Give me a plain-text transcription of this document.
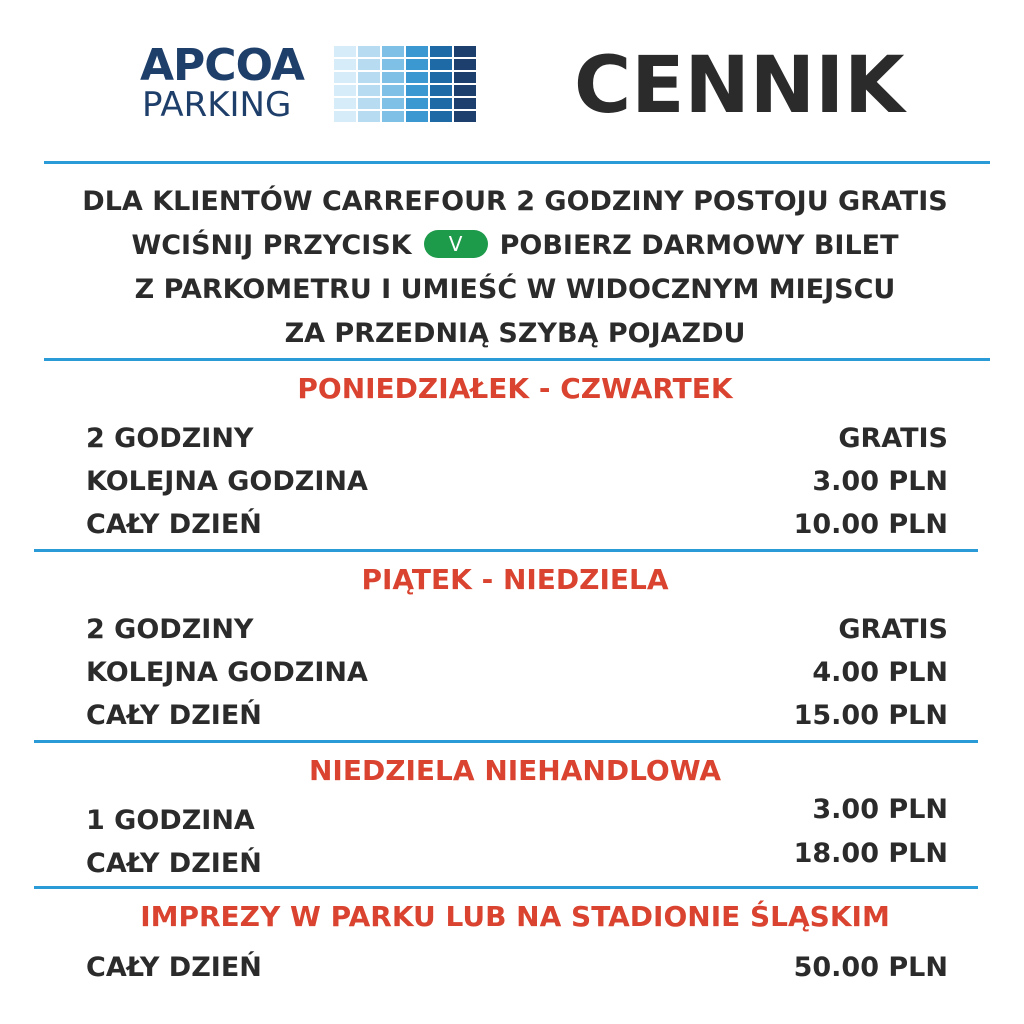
APCOA
PARKING	CENNIK
DLA KLIENTÓW CARREFOUR 2 GODZINY POSTOJU GRATIS
WCIŚNIJ PRZYCISK V POBIERZ DARMOWY BILET
Z PARKOMETRU I UMIEŚĆ W WIDOCZNYM MIEJSCU
ZA PRZEDNIĄ SZYBĄ POJAZDU
PONIEDZIAŁEK - CZWARTEK
2 GODZINY	GRATIS
KOLEJNA GODZINA	3.00 PLN
CAŁY DZIEŃ	10.00 PLN
PIĄTEK - NIEDZIELA
2 GODZINY	GRATIS
KOLEJNA GODZINA	4.00 PLN
CAŁY DZIEŃ	15.00 PLN
NIEDZIELA NIEHANDLOWA
1 GODZINA	3.00 PLN
CAŁY DZIEŃ	18.00 PLN
IMPREZY W PARKU LUB NA STADIONIE ŚLĄSKIM
CAŁY DZIEŃ	50.00 PLN
